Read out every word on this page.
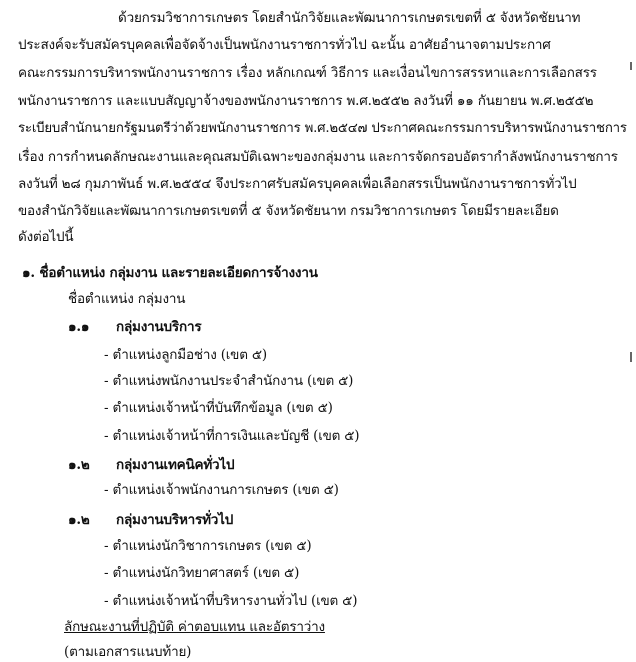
ด้วยกรมวิชาการเกษตร โดยสำนักวิจัยและพัฒนาการเกษตรเขตที่ ๕ จังหวัดชัยนาท
ประสงค์จะรับสมัครบุคคลเพื่อจัดจ้างเป็นพนักงานราชการทั่วไป ฉะนั้น อาศัยอำนาจตามประกาศ
คณะกรรมการบริหารพนักงานราชการ เรื่อง หลักเกณฑ์ วิธีการ และเงื่อนไขการสรรหาและการเลือกสรร
พนักงานราชการ และแบบสัญญาจ้างของพนักงานราชการ พ.ศ.๒๕๕๒ ลงวันที่ ๑๑ กันยายน พ.ศ.๒๕๕๒
ระเบียบสำนักนายกรัฐมนตรีว่าด้วยพนักงานราชการ พ.ศ.๒๕๔๗ ประกาศคณะกรรมการบริหารพนักงานราชการ
เรื่อง การกำหนดลักษณะงานและคุณสมบัติเฉพาะของกลุ่มงาน และการจัดกรอบอัตรากำลังพนักงานราชการ
ลงวันที่ ๒๘ กุมภาพันธ์ พ.ศ.๒๕๕๔ จึงประกาศรับสมัครบุคคลเพื่อเลือกสรรเป็นพนักงานราชการทั่วไป
ของสำนักวิจัยและพัฒนาการเกษตรเขตที่ ๕ จังหวัดชัยนาท กรมวิชาการเกษตร โดยมีรายละเอียด
ดังต่อไปนี้
๑. ชื่อตำแหน่ง กลุ่มงาน และรายละเอียดการจ้างงาน
ชื่อตำแหน่ง กลุ่มงาน
๑.๑ กลุ่มงานบริการ
- ตำแหน่งลูกมือช่าง (เขต ๕)
- ตำแหน่งพนักงานประจำสำนักงาน (เขต ๕)
- ตำแหน่งเจ้าหน้าที่บันทึกข้อมูล (เขต ๕)
- ตำแหน่งเจ้าหน้าที่การเงินและบัญชี (เขต ๕)
๑.๒ กลุ่มงานเทคนิคทั่วไป
- ตำแหน่งเจ้าพนักงานการเกษตร (เขต ๕)
๑.๒ กลุ่มงานบริหารทั่วไป
- ตำแหน่งนักวิชาการเกษตร (เขต ๕)
- ตำแหน่งนักวิทยาศาสตร์ (เขต ๕)
- ตำแหน่งเจ้าหน้าที่บริหารงานทั่วไป (เขต ๕)
ลักษณะงานที่ปฏิบัติ ค่าตอบแทน และอัตราว่าง
(ตามเอกสารแนบท้าย)
